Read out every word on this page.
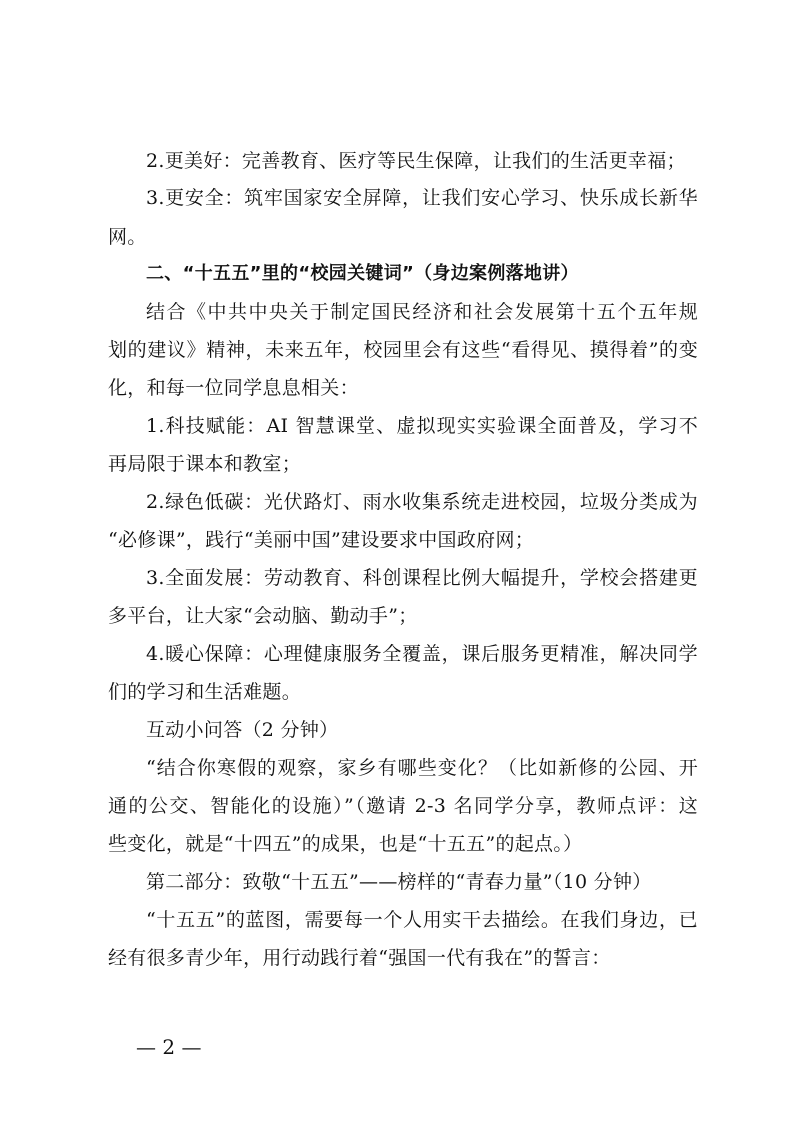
2.更美好：完善教育、医疗等民生保障，让我们的生活更幸福；
3.更安全：筑牢国家安全屏障，让我们安心学习、快乐成长新华
网。
二、“十五五”里的“校园关键词”（身边案例落地讲）
结合《中共中央关于制定国民经济和社会发展第十五个五年规
划的建议》精神，未来五年，校园里会有这些“看得见、摸得着”的变
化，和每一位同学息息相关：
1.科技赋能：AI 智慧课堂、虚拟现实实验课全面普及，学习不
再局限于课本和教室；
2.绿色低碳：光伏路灯、雨水收集系统走进校园，垃圾分类成为
“必修课”，践行“美丽中国”建设要求中国政府网；
3.全面发展：劳动教育、科创课程比例大幅提升，学校会搭建更
多平台，让大家“会动脑、勤动手”；
4.暖心保障：心理健康服务全覆盖，课后服务更精准，解决同学
们的学习和生活难题。
互动小问答（2 分钟）
“结合你寒假的观察，家乡有哪些变化？（比如新修的公园、开
通的公交、智能化的设施）”（邀请 2-3 名同学分享，教师点评：这
些变化，就是“十四五”的成果，也是“十五五”的起点。）
第二部分：致敬“十五五”——榜样的“青春力量”（10 分钟）
“十五五”的蓝图，需要每一个人用实干去描绘。在我们身边，已
经有很多青少年，用行动践行着“强国一代有我在”的誓言：
— 2 —
